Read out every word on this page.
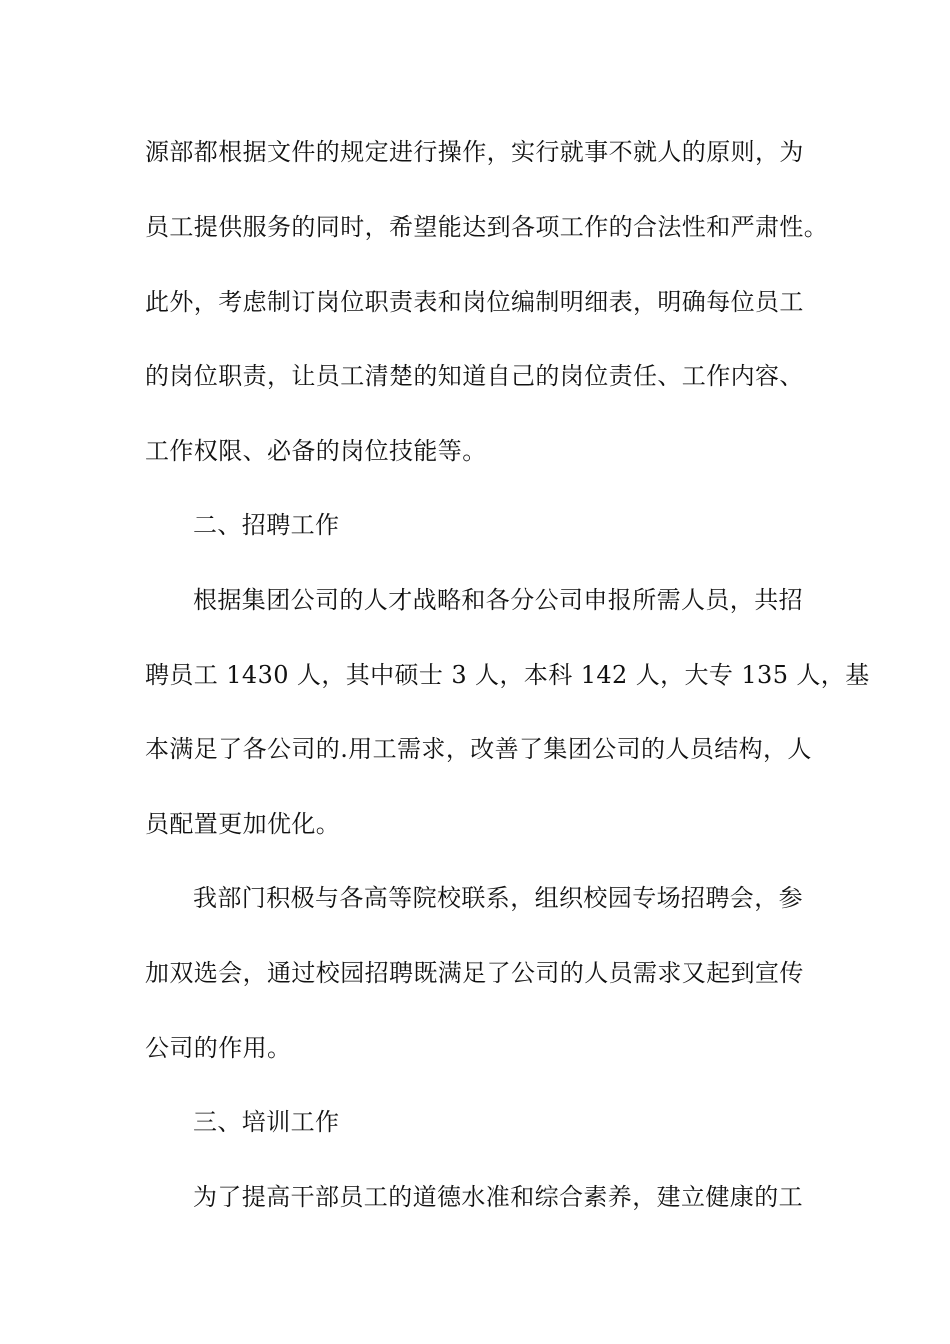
源部都根据文件的规定进行操作，实行就事不就人的原则，为
员工提供服务的同时，希望能达到各项工作的合法性和严肃性。
此外，考虑制订岗位职责表和岗位编制明细表，明确每位员工
的岗位职责，让员工清楚的知道自己的岗位责任、工作内容、
工作权限、必备的岗位技能等。
二、招聘工作
根据集团公司的人才战略和各分公司申报所需人员，共招
聘员工 1430 人，其中硕士 3 人，本科 142 人，大专 135 人，基
本满足了各公司的.用工需求，改善了集团公司的人员结构，人
员配置更加优化。
我部门积极与各高等院校联系，组织校园专场招聘会，参
加双选会，通过校园招聘既满足了公司的人员需求又起到宣传
公司的作用。
三、培训工作
为了提高干部员工的道德水准和综合素养，建立健康的工
